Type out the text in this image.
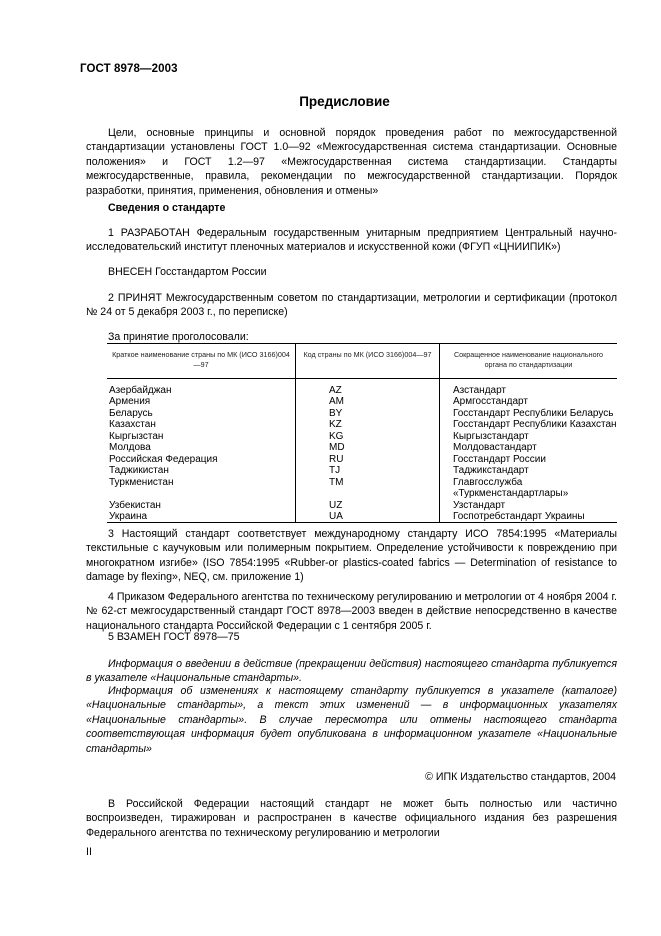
ГОСТ 8978—2003
Предисловие
Цели, основные принципы и основной порядок проведения работ по межгосударственной стандартизации установлены ГОСТ 1.0—92 «Межгосударственная система стандартизации. Основные положения» и ГОСТ 1.2—97 «Межгосударственная система стандартизации. Стандарты межгосударственные, правила, рекомендации по межгосударственной стандартизации. Порядок разработки, принятия, применения, обновления и отмены»
Сведения о стандарте
1 РАЗРАБОТАН Федеральным государственным унитарным предприятием Центральный научно-исследовательский институт пленочных материалов и искусственной кожи (ФГУП «ЦНИИПИК»)
ВНЕСЕН Госстандартом России
2 ПРИНЯТ Межгосударственным советом по стандартизации, метрологии и сертификации (протокол № 24 от 5 декабря 2003 г., по переписке)
За принятие проголосовали:
Краткое наименование страны по МК (ИСО 3166)004—97	Код страны по МК (ИСО 3166)004—97	Сокращенное наименование национального органа по стандартизации
Азербайджан	AZ	Азстандарт
Армения	AM	Армгосстандарт
Беларусь	BY	Госстандарт Республики Беларусь
Казахстан	KZ	Госстандарт Республики Казахстан
Кыргызстан	KG	Кыргызстандарт
Молдова	MD	Молдовастандарт
Российская Федерация	RU	Госстандарт России
Таджикистан	TJ	Таджикстандарт
Туркменистан	TM	Главгосслужба «Туркменстандартлары»
Узбекистан	UZ	Узстандарт
Украина	UA	Госпотребстандарт Украины
3 Настоящий стандарт соответствует международному стандарту ИСО 7854:1995 «Материалы текстильные с каучуковым или полимерным покрытием. Определение устойчивости к повреждению при многократном изгибе» (ISO 7854:1995 «Rubber-or plastics-coated fabrics — Determination of resistance to damage by flexing», NEQ, см. приложение 1)
4 Приказом Федерального агентства по техническому регулированию и метрологии от 4 ноября 2004 г. № 62-ст межгосударственный стандарт ГОСТ 8978—2003 введен в действие непосредственно в качестве национального стандарта Российской Федерации с 1 сентября 2005 г.
5 ВЗАМЕН ГОСТ 8978—75
Информация о введении в действие (прекращении действия) настоящего стандарта публикуется в указателе «Национальные стандарты».
Информация об изменениях к настоящему стандарту публикуется в указателе (каталоге) «Национальные стандарты», а текст этих изменений — в информационных указателях «Национальные стандарты». В случае пересмотра или отмены настоящего стандарта соответствующая информация будет опубликована в информационном указателе «Национальные стандарты»
© ИПК Издательство стандартов, 2004
В Российской Федерации настоящий стандарт не может быть полностью или частично воспроизведен, тиражирован и распространен в качестве официального издания без разрешения Федерального агентства по техническому регулированию и метрологии
II
